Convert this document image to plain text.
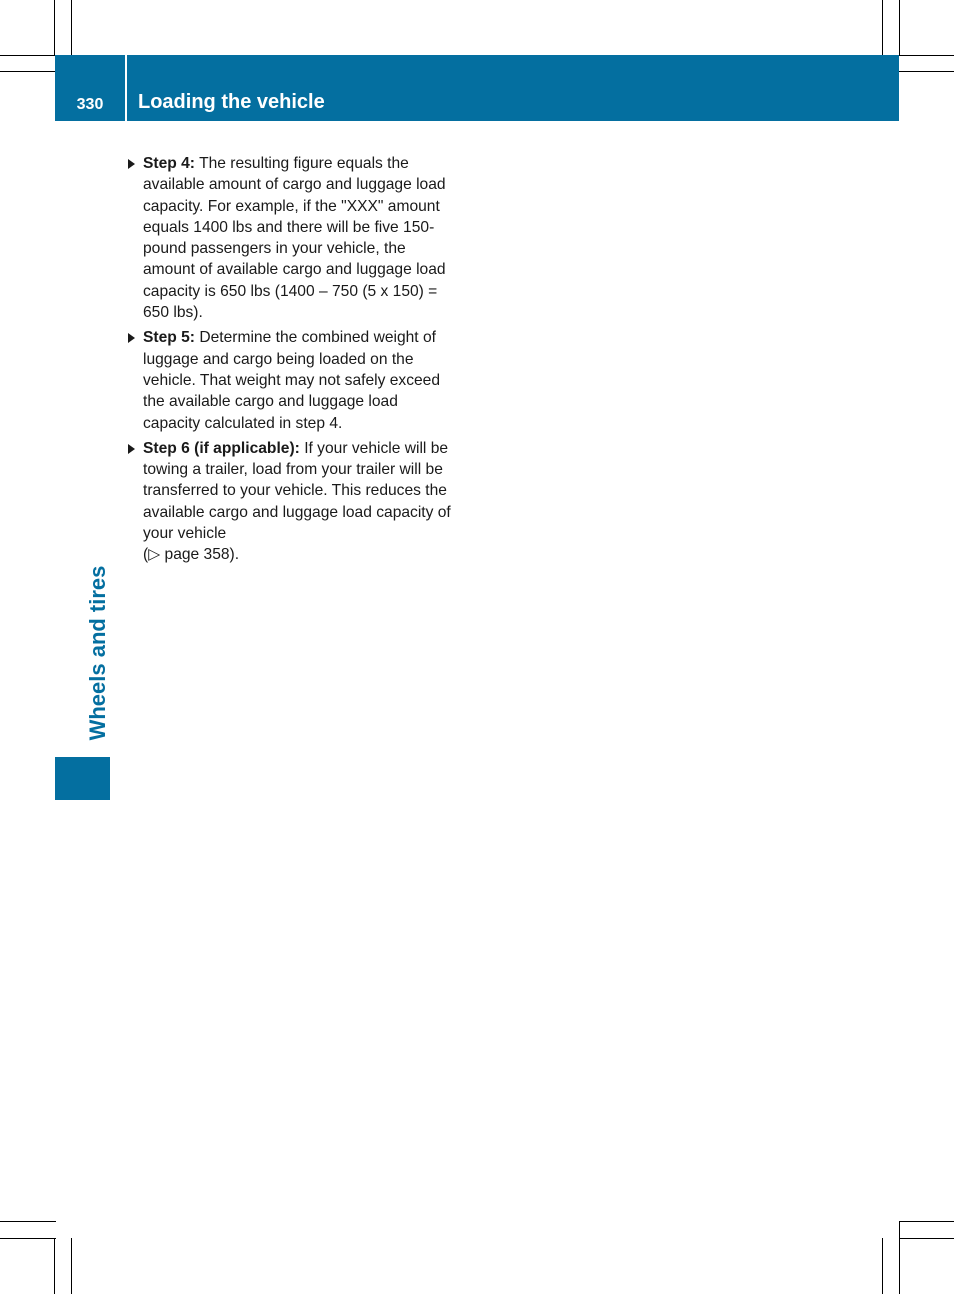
330	Loading the vehicle
Wheels and tires
Step 4: The resulting figure equals the available amount of cargo and luggage load capacity. For example, if the "XXX" amount equals 1400 lbs and there will be five 150-pound passengers in your vehicle, the amount of available cargo and luggage load capacity is 650 lbs (1400 – 750 (5 x 150) = 650 lbs).
Step 5: Determine the combined weight of luggage and cargo being loaded on the vehicle. That weight may not safely exceed the available cargo and luggage load capacity calculated in step 4.
Step 6 (if applicable): If your vehicle will be towing a trailer, load from your trailer will be transferred to your vehicle. This reduces the available cargo and luggage load capacity of your vehicle
(▷ page 358).
